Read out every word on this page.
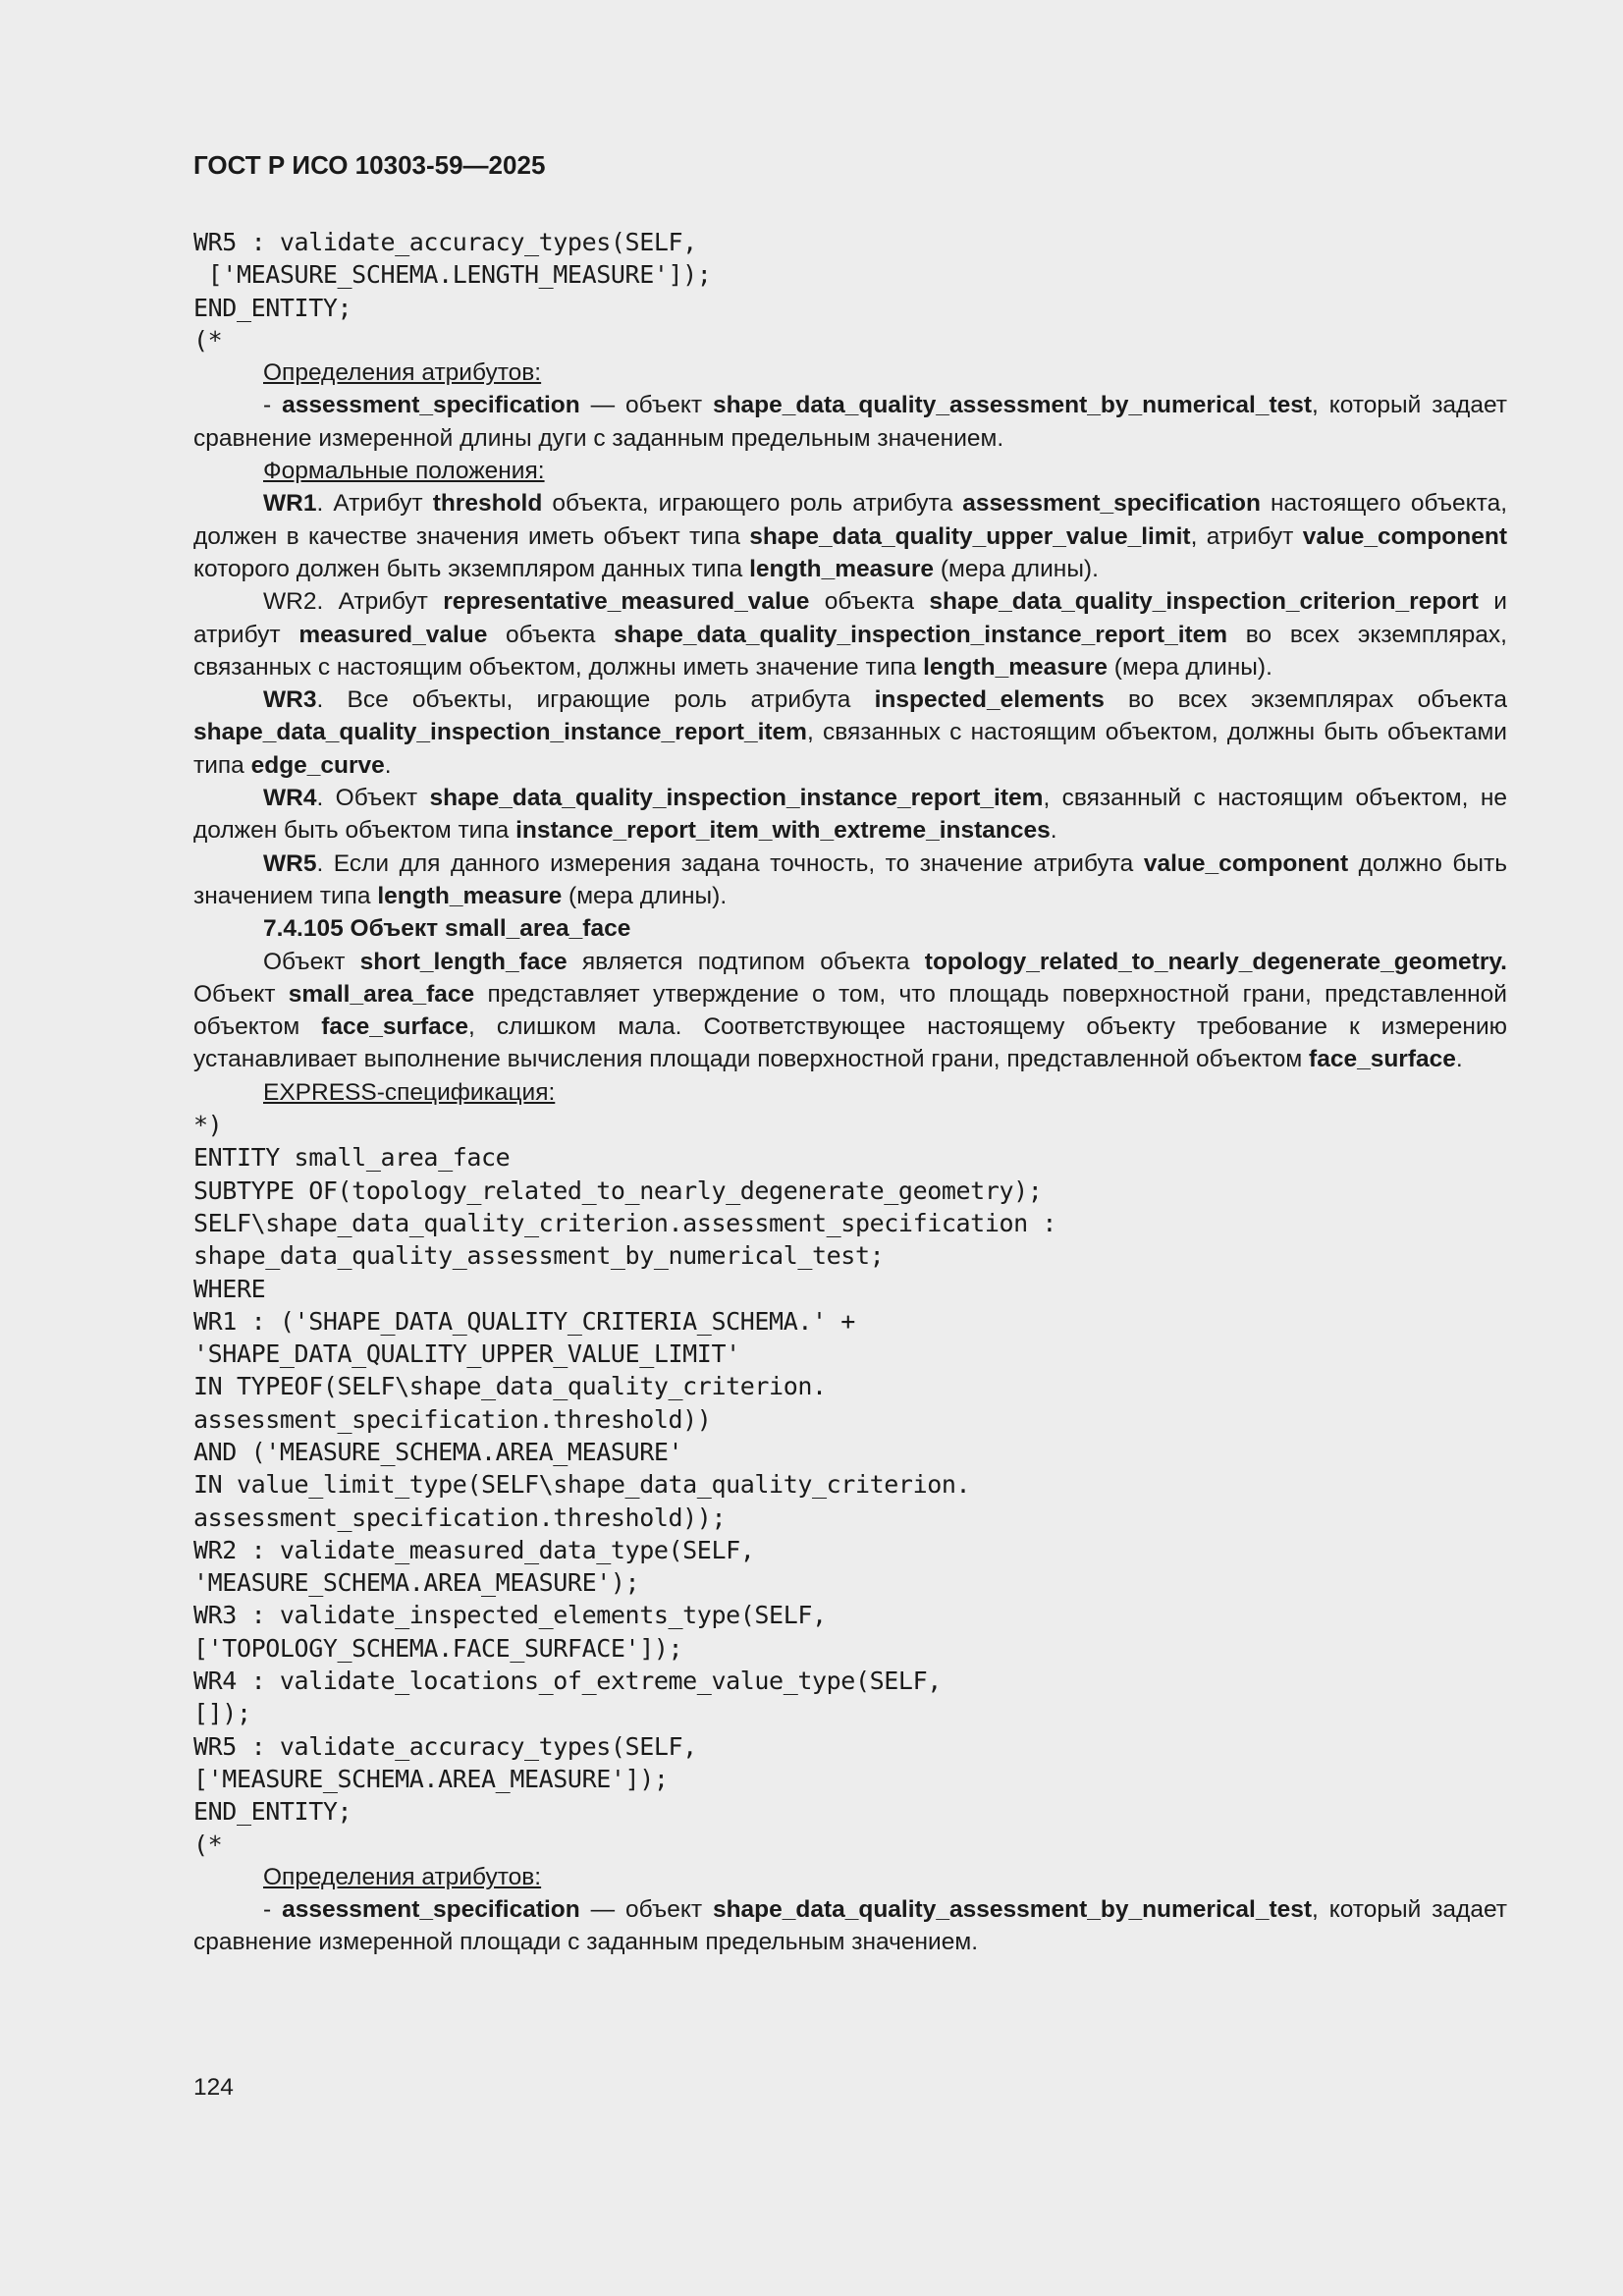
ГОСТ Р ИСО 10303-59—2025
WR5 : validate_accuracy_types(SELF,
['MEASURE_SCHEMA.LENGTH_MEASURE']);
END_ENTITY;
(*
Определения атрибутов:
- assessment_specification — объект shape_data_quality_assessment_by_numerical_test, который задает сравнение измеренной длины дуги с заданным предельным значением.
Формальные положения:
WR1. Атрибут threshold объекта, играющего роль атрибута assessment_specification настоящего объекта, должен в качестве значения иметь объект типа shape_data_quality_upper_value_limit, атрибут value_component которого должен быть экземпляром данных типа length_measure (мера длины).
WR2. Атрибут representative_measured_value объекта shape_data_quality_inspection_criterion_report и атрибут measured_value объекта shape_data_quality_inspection_instance_report_item во всех экземплярах, связанных с настоящим объектом, должны иметь значение типа length_measure (мера длины).
WR3. Все объекты, играющие роль атрибута inspected_elements во всех экземплярах объекта shape_data_quality_inspection_instance_report_item, связанных с настоящим объектом, должны быть объектами типа edge_curve.
WR4. Объект shape_data_quality_inspection_instance_report_item, связанный с настоящим объектом, не должен быть объектом типа instance_report_item_with_extreme_instances.
WR5. Если для данного измерения задана точность, то значение атрибута value_component должно быть значением типа length_measure (мера длины).
7.4.105 Объект small_area_face
Объект short_length_face является подтипом объекта topology_related_to_nearly_degenerate_geometry. Объект small_area_face представляет утверждение о том, что площадь поверхностной грани, представленной объектом face_surface, слишком мала. Соответствующее настоящему объекту требование к измерению устанавливает выполнение вычисления площади поверхностной грани, представленной объектом face_surface.
EXPRESS-спецификация:
*)
ENTITY small_area_face
SUBTYPE OF(topology_related_to_nearly_degenerate_geometry);
SELF\shape_data_quality_criterion.assessment_specification :
shape_data_quality_assessment_by_numerical_test;
WHERE
WR1 : ('SHAPE_DATA_QUALITY_CRITERIA_SCHEMA.' +
'SHAPE_DATA_QUALITY_UPPER_VALUE_LIMIT'
IN TYPEOF(SELF\shape_data_quality_criterion.
assessment_specification.threshold))
AND ('MEASURE_SCHEMA.AREA_MEASURE'
IN value_limit_type(SELF\shape_data_quality_criterion.
assessment_specification.threshold));
WR2 : validate_measured_data_type(SELF,
'MEASURE_SCHEMA.AREA_MEASURE');
WR3 : validate_inspected_elements_type(SELF,
['TOPOLOGY_SCHEMA.FACE_SURFACE']);
WR4 : validate_locations_of_extreme_value_type(SELF,
[]);
WR5 : validate_accuracy_types(SELF,
['MEASURE_SCHEMA.AREA_MEASURE']);
END_ENTITY;
(*
Определения атрибутов:
- assessment_specification — объект shape_data_quality_assessment_by_numerical_test, который задает сравнение измеренной площади с заданным предельным значением.
124
